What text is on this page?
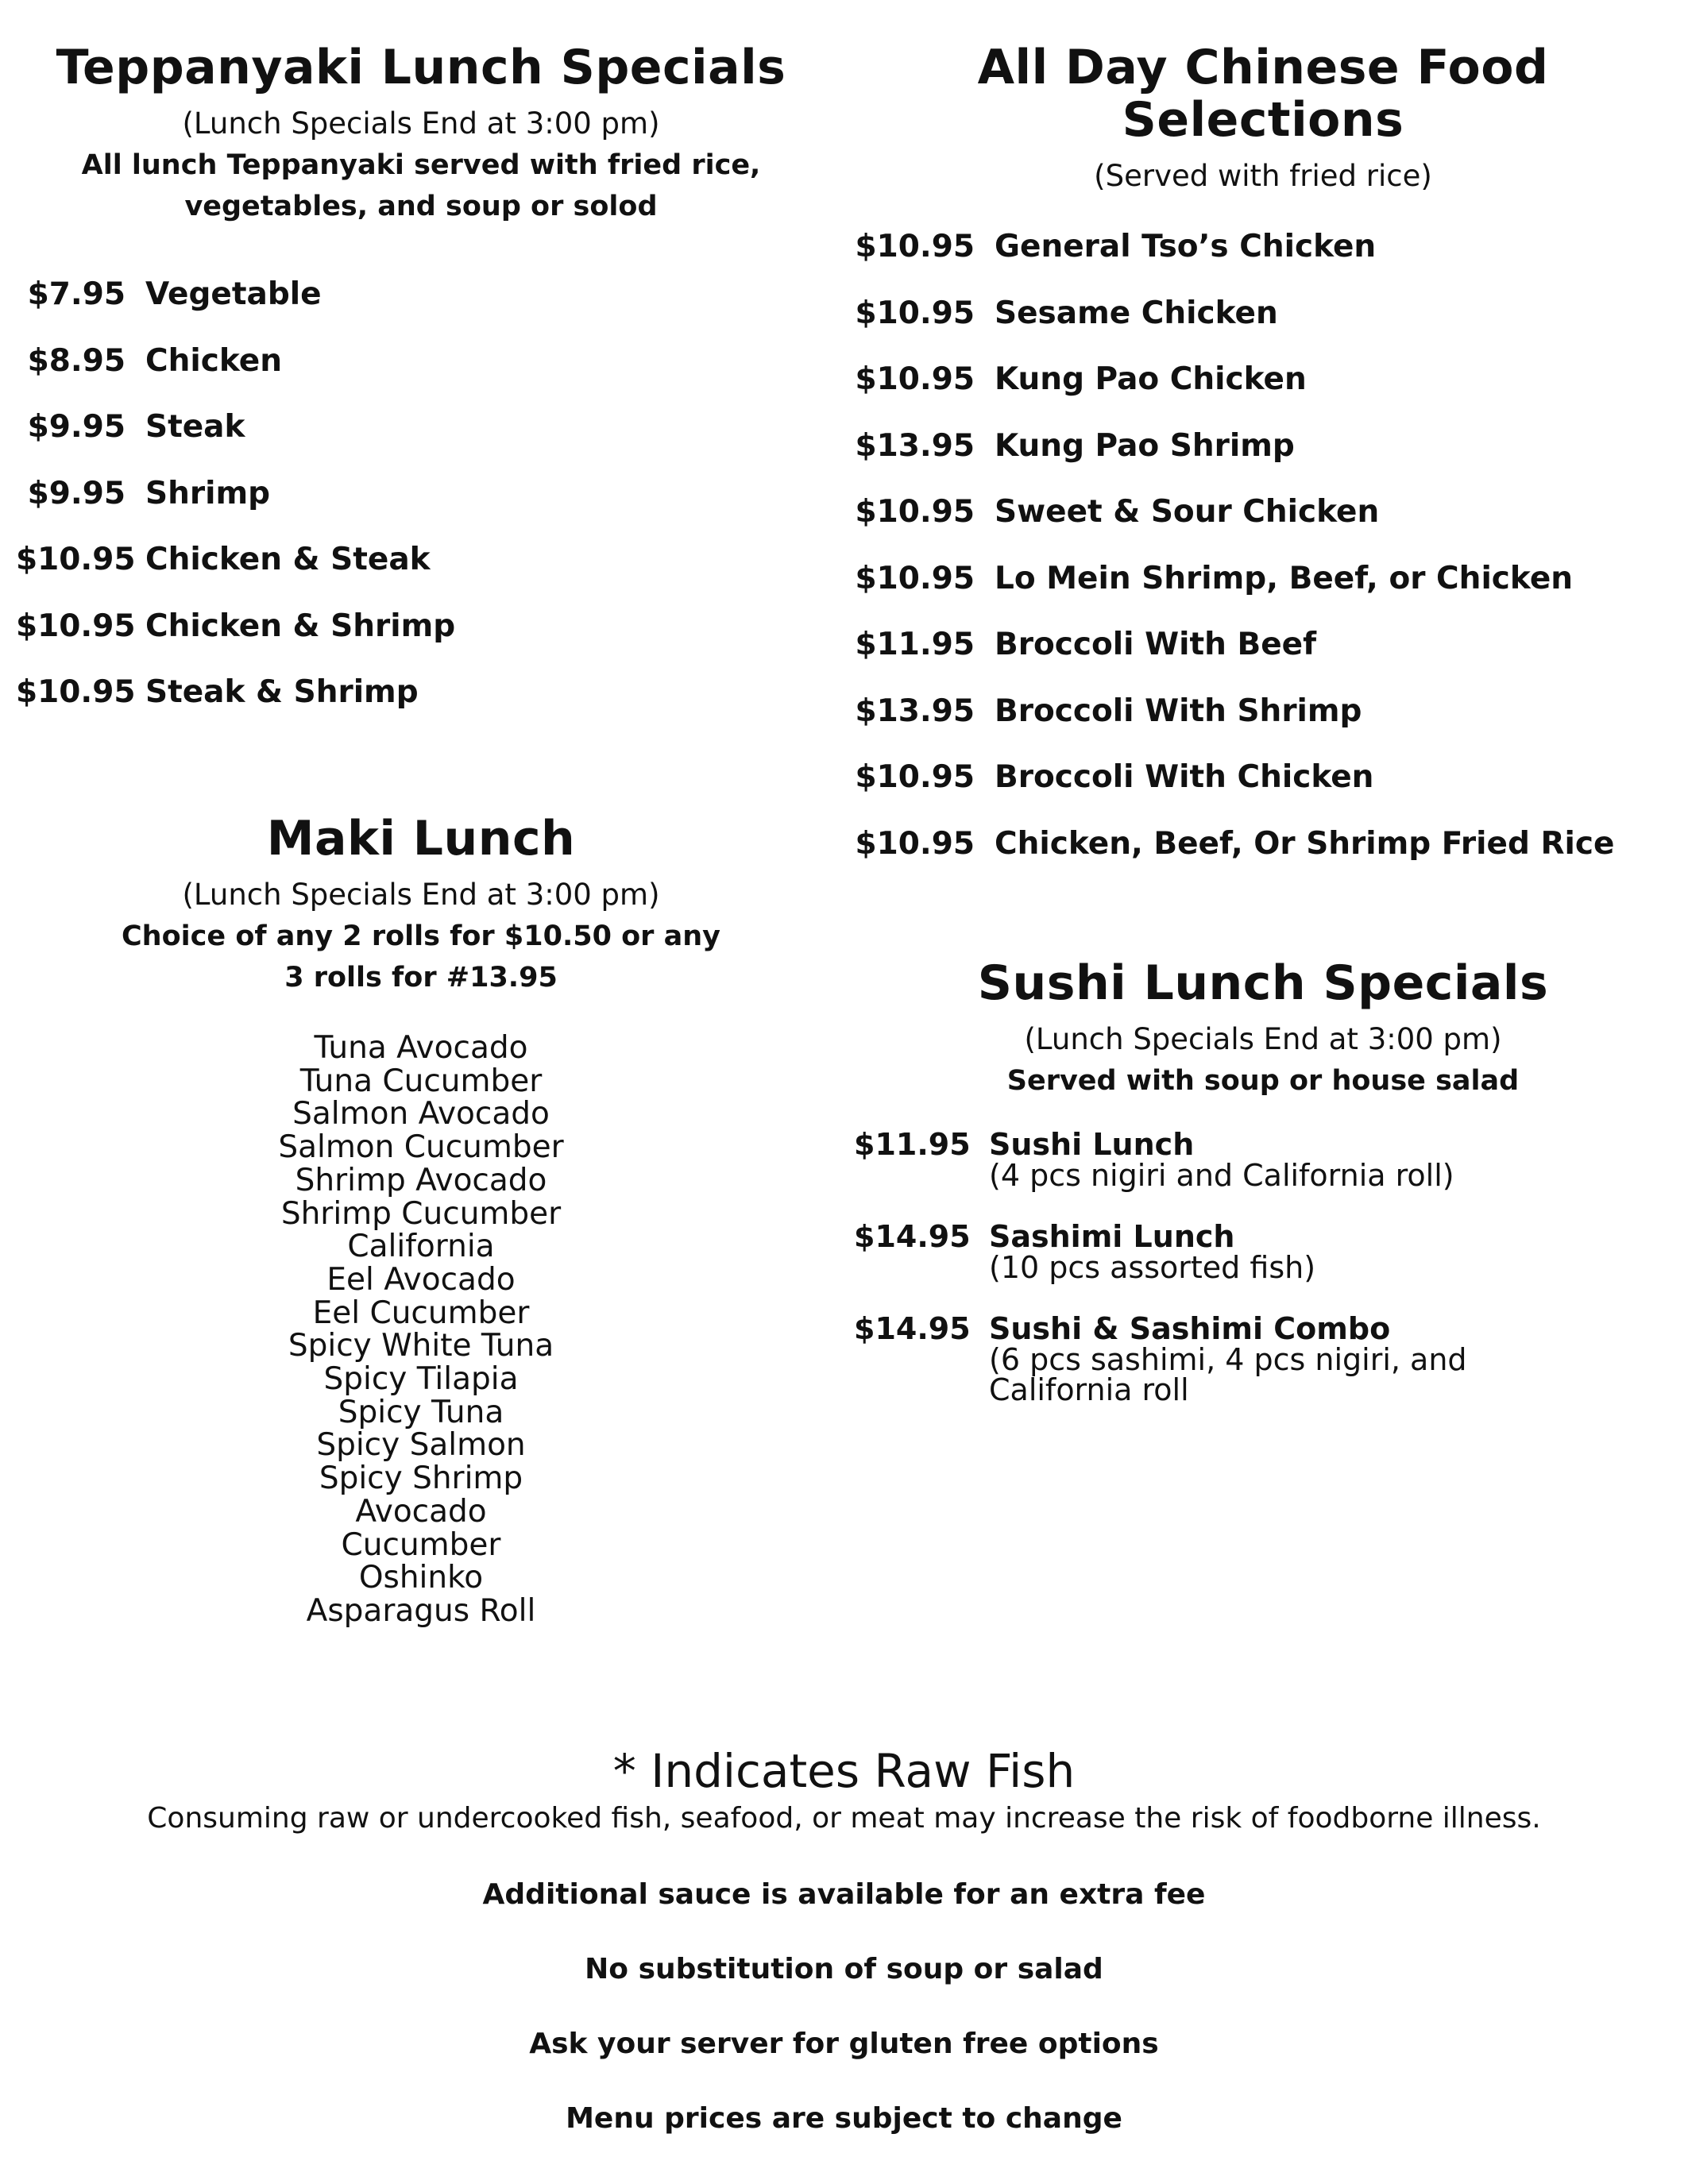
Teppanyaki Lunch Specials

(Lunch Specials End at 3:00 pm)

All lunch Teppanyaki served with fried rice,

vegetables, and soup or solod

$7.95 Vegetable
$8.95 Chicken
$9.95 Steak
$9.95 Shrimp
$10.95 Chicken & Steak
$10.95 Chicken & Shrimp
$10.95 Steak & Shrimp
All Day Chinese Food Selections

(Served with fried rice)

$10.95 General Tso’s Chicken
$10.95 Sesame Chicken
$10.95 Kung Pao Chicken
$13.95 Kung Pao Shrimp
$10.95 Sweet & Sour Chicken
$10.95 Lo Mein Shrimp, Beef, or Chicken
$11.95 Broccoli With Beef
$13.95 Broccoli With Shrimp
$10.95 Broccoli With Chicken
$10.95 Chicken, Beef, Or Shrimp Fried Rice
Maki Lunch

(Lunch Specials End at 3:00 pm)

Choice of any 2 rolls for $10.50 or any

3 rolls for #13.95

Tuna Avocado
Tuna Cucumber
Salmon Avocado
Salmon Cucumber
Shrimp Avocado
Shrimp Cucumber
California
Eel Avocado
Eel Cucumber
Spicy White Tuna
Spicy Tilapia
Spicy Tuna
Spicy Salmon
Spicy Shrimp
Avocado
Cucumber
Oshinko
Asparagus Roll
Sushi Lunch Specials

(Lunch Specials End at 3:00 pm)

Served with soup or house salad

$11.95 Sushi Lunch
(4 pcs nigiri and California roll)
$14.95 Sashimi Lunch
(10 pcs assorted fish)
$14.95 Sushi & Sashimi Combo
(6 pcs sashimi, 4 pcs nigiri, and California roll

* Indicates Raw Fish

Consuming raw or undercooked fish, seafood, or meat may increase the risk of foodborne illness.

Additional sauce is available for an extra fee
No substitution of soup or salad
Ask your server for gluten free options
Menu prices are subject to change
